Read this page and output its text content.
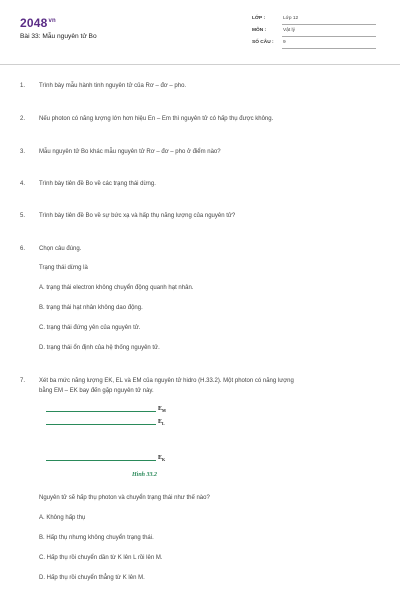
$2048^{vn}$
Bài 33: Mẫu nguyên tử Bo
LỚP :	Lớp 12
MÔN :	Vật lý
SỐ CÂU : 9
1.	Trình bày mẫu hành tinh nguyên tử của Rơ – đơ – pho.
2.	Nếu photon có năng lượng lớn hơn hiệu En – Em thì nguyên tử có hấp thụ được không.
3.	Mẫu nguyên tử Bo khác mẫu nguyên tử Rơ – đơ – pho ở điểm nào?
4.	Trình bày tiên đề Bo về các trạng thái dừng.
5.	Trình bày tiên đề Bo về sự bức xạ và hấp thụ năng lượng của nguyên tử?
6.	Chọn câu đúng.
Trạng thái dừng là
A. trạng thái electron không chuyển động quanh hạt nhân.
B. trạng thái hạt nhân không dao động.
C. trạng thái đứng yên của nguyên tử.
D. trạng thái ổn định của hệ thống nguyên tử.
7.	Xét ba mức năng lượng EK, EL và EM của nguyên tử hidro (H.33.2). Một photon có năng lượng
bằng EM – EK bay đến gặp nguyên tử này.
$E_M$
$E_L$
$E_K$
Hình 33.2
Nguyên tử sẽ hấp thụ photon và chuyển trạng thái như thế nào?
A. Không hấp thụ
B. Hấp thụ nhưng không chuyển trạng thái.
C. Hấp thụ rồi chuyển dần từ K lên L rồi lên M.
D. Hấp thụ rồi chuyển thẳng từ K lên M.
